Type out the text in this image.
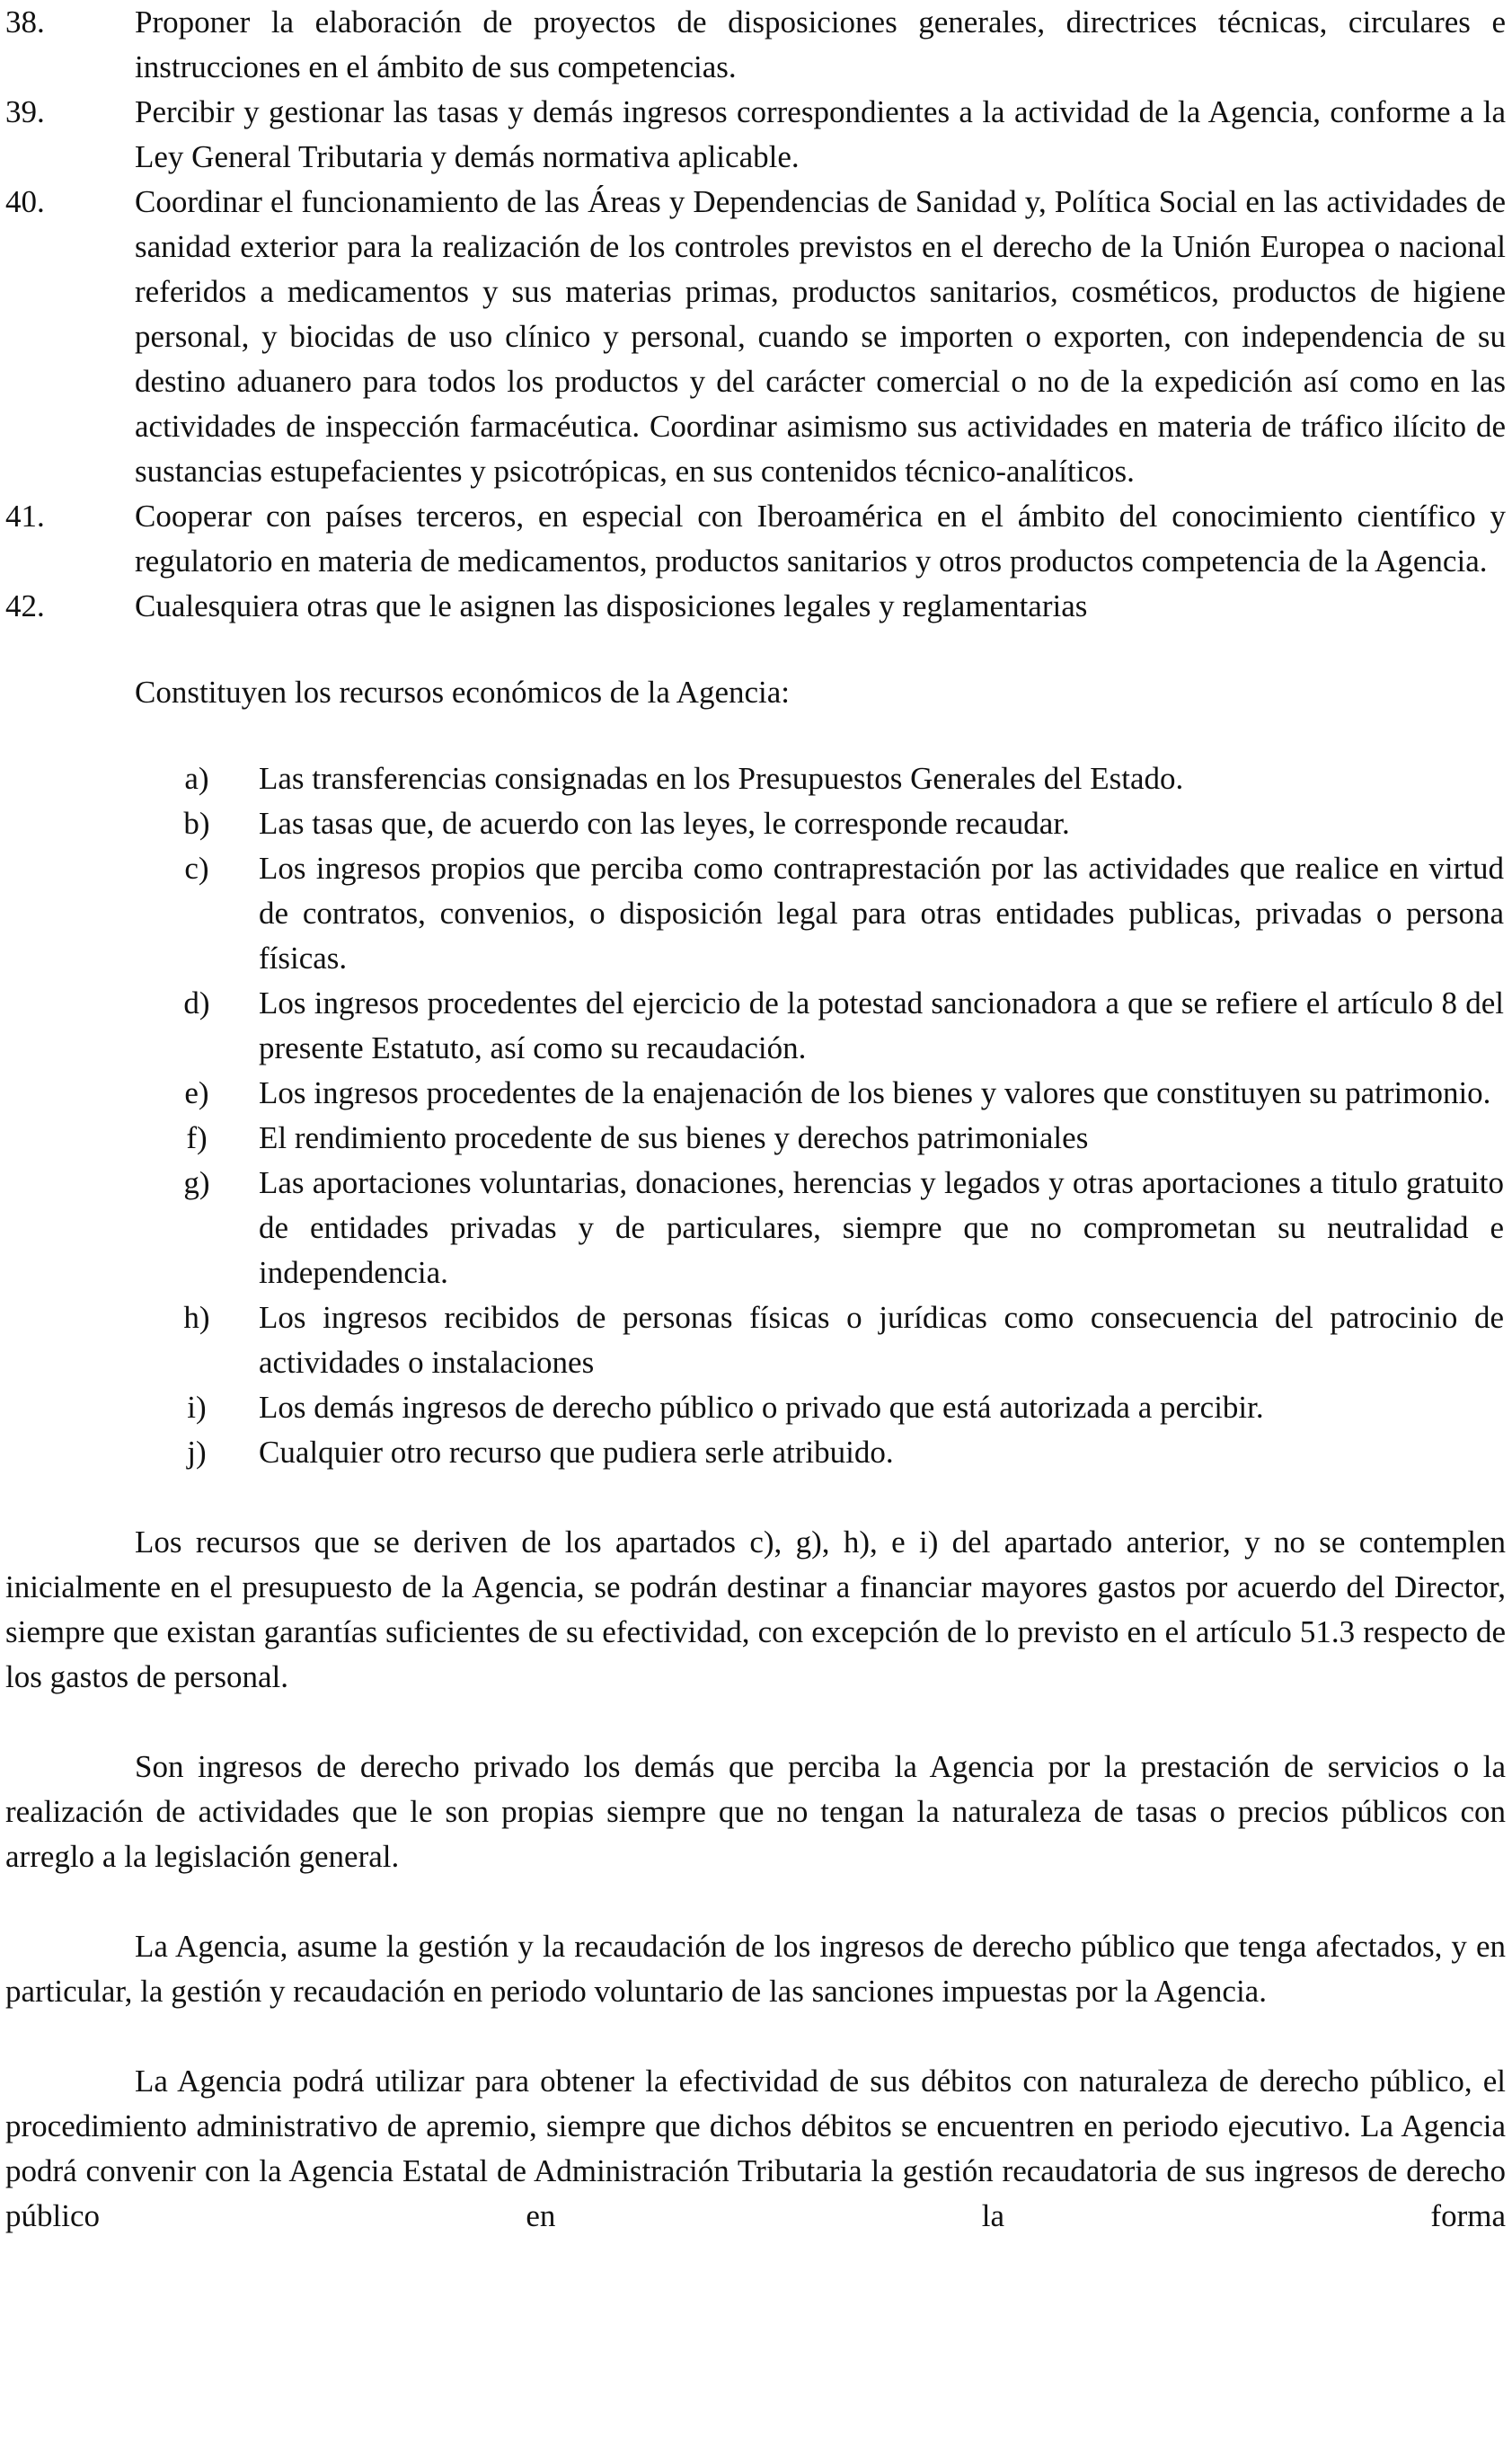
38.	Proponer la elaboración de proyectos de disposiciones generales, directrices técnicas, circulares e instrucciones en el ámbito de sus competencias.
39.	Percibir y gestionar las tasas y demás ingresos correspondientes a la actividad de la Agencia, conforme a la Ley General Tributaria y demás normativa aplicable.
40.	Coordinar el funcionamiento de las Áreas y Dependencias de Sanidad y, Política Social en las actividades de sanidad exterior para la realización de los controles previstos en el derecho de la Unión Europea o nacional referidos a medicamentos y sus materias primas, productos sanitarios, cosméticos, productos de higiene personal, y biocidas de uso clínico y personal, cuando se importen o exporten, con independencia de su destino aduanero para todos los productos y del carácter comercial o no de la expedición así como en las actividades de inspección farmacéutica. Coordinar asimismo sus actividades en materia de tráfico ilícito de sustancias estupefacientes y psicotrópicas, en sus contenidos técnico-analíticos.
41.	Cooperar con países terceros, en especial con Iberoamérica en el ámbito del conocimiento científico y regulatorio en materia de medicamentos, productos sanitarios y otros productos competencia de la Agencia.
42.	Cualesquiera otras que le asignen las disposiciones legales y reglamentarias
Constituyen los recursos económicos de la Agencia:
a)	Las transferencias consignadas en los Presupuestos Generales del Estado.
b)	Las tasas que, de acuerdo con las leyes, le corresponde recaudar.
c)	Los ingresos propios que perciba como contraprestación por las actividades que realice en virtud de contratos, convenios, o disposición legal para otras entidades publicas, privadas o persona físicas.
d)	Los ingresos procedentes del ejercicio de la potestad sancionadora a que se refiere el artículo 8 del presente Estatuto, así como su recaudación.
e)	Los ingresos procedentes de la enajenación de los bienes y valores que constituyen su patrimonio.
f)	El rendimiento procedente de sus bienes y derechos patrimoniales
g)	Las aportaciones voluntarias, donaciones, herencias y legados y otras aportaciones a titulo gratuito de entidades privadas y de particulares, siempre que no comprometan su neutralidad e independencia.
h)	Los ingresos recibidos de personas físicas o jurídicas como consecuencia del patrocinio de actividades o instalaciones
i)	Los demás ingresos de derecho público o privado que está autorizada a percibir.
j)	Cualquier otro recurso que pudiera serle atribuido.
Los recursos que se deriven de los apartados c), g), h), e i) del apartado anterior, y no se contemplen inicialmente en el presupuesto de la Agencia, se podrán destinar a financiar mayores gastos por acuerdo del Director, siempre que existan garantías suficientes de su efectividad, con excepción de lo previsto en el artículo 51.3 respecto de los gastos de personal.
Son ingresos de derecho privado los demás que perciba la Agencia por la prestación de servicios o la realización de actividades que le son propias siempre que no tengan la naturaleza de tasas o precios públicos con arreglo a la legislación general.
La Agencia, asume la gestión y la recaudación de los ingresos de derecho público que tenga afectados, y en particular, la gestión y recaudación en periodo voluntario de las sanciones impuestas por la Agencia.
La Agencia podrá utilizar para obtener la efectividad de sus débitos con naturaleza de derecho público, el procedimiento administrativo de apremio, siempre que dichos débitos se encuentren en periodo ejecutivo. La Agencia podrá convenir con la Agencia Estatal de Administración Tributaria la gestión recaudatoria de sus ingresos de derecho público en la forma
